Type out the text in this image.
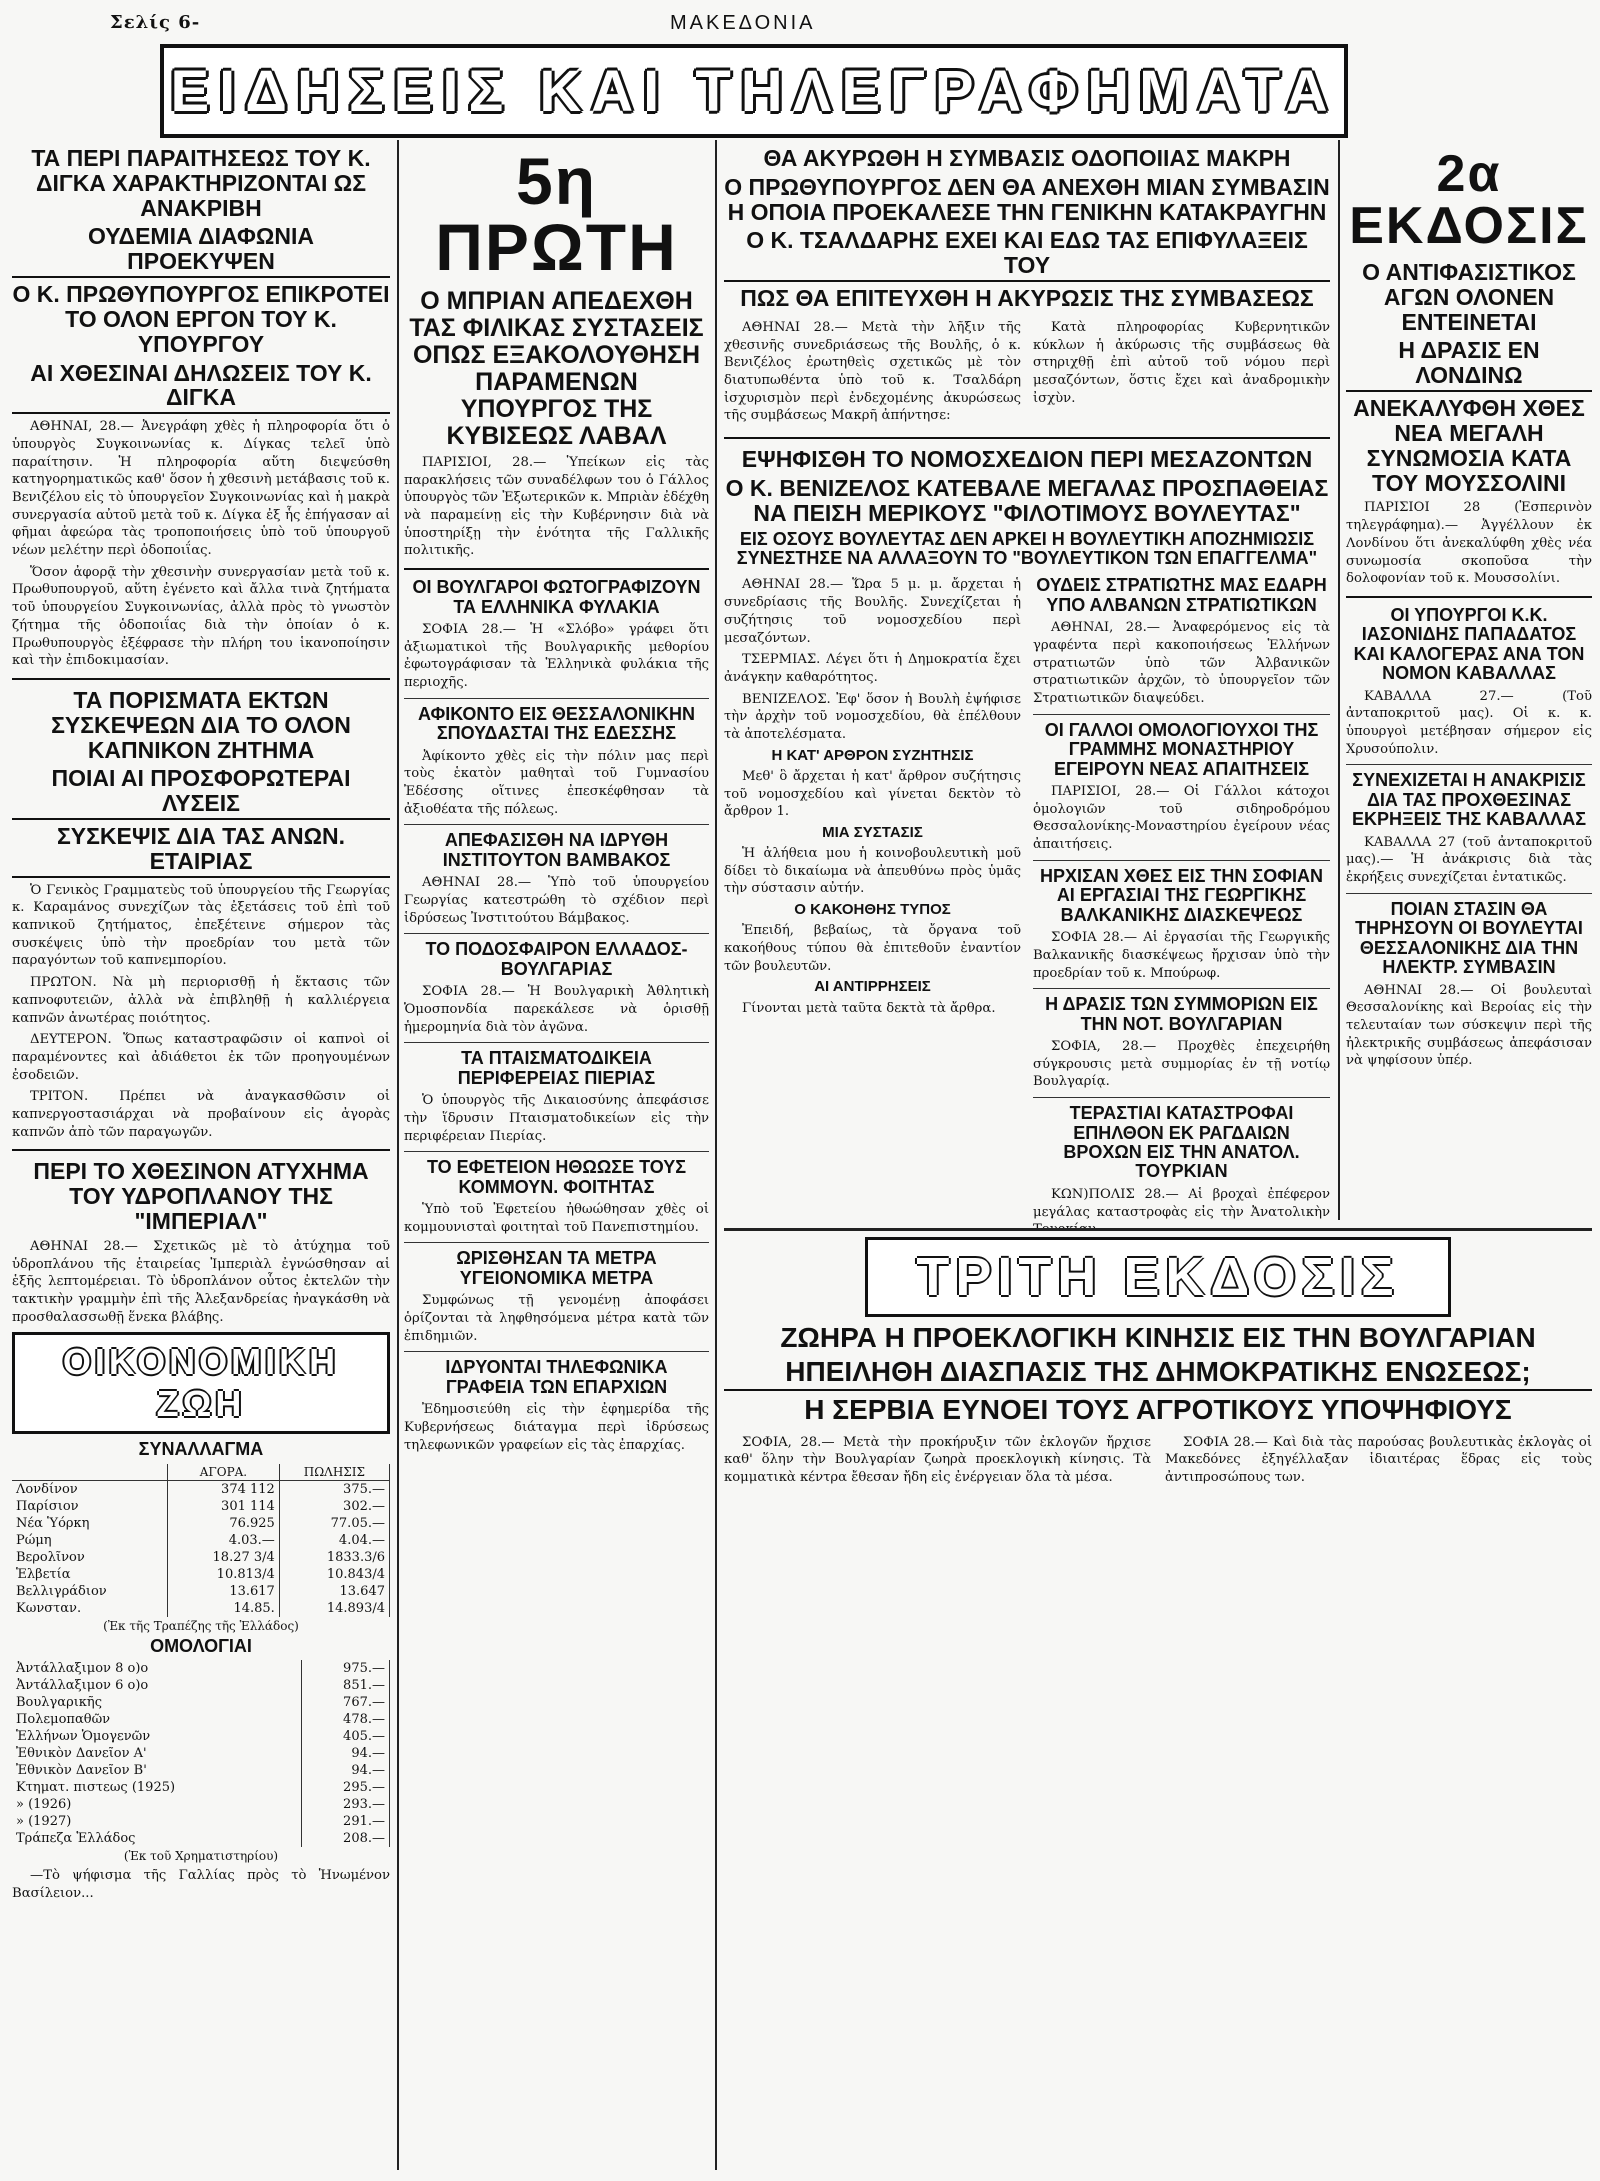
Σελίς 6-	ΜΑΚΕΔΟΝΙΑ
ΕΙΔΗΣΕΙΣ ΚΑΙ ΤΗΛΕΓΡΑΦΗΜΑΤΑ
ΤΑ ΠΕΡΙ ΠΑΡΑΙΤΗΣΕΩΣ ΤΟΥ Κ. ΔΙΓΚΑ ΧΑΡΑΚΤΗΡΙΖΟΝΤΑΙ ΩΣ ΑΝΑΚΡΙΒΗ
ΟΥΔΕΜΙΑ ΔΙΑΦΩΝΙΑ ΠΡΟΕΚΥΨΕΝ
Ο Κ. ΠΡΩΘΥΠΟΥΡΓΟΣ ΕΠΙΚΡΟΤΕΙ ΤΟ ΟΛΟΝ ΕΡΓΟΝ ΤΟΥ Κ. ΥΠΟΥΡΓΟΥ
ΑΙ ΧΘΕΣΙΝΑΙ ΔΗΛΩΣΕΙΣ ΤΟΥ Κ. ΔΙΓΚΑ

ΑΘΗΝΑΙ, 28.— Ἀνεγράφη χθὲς ἡ πληροφορία ὅτι ὁ ὑπουργὸς Συγκοινωνίας κ. Δίγκας τελεῖ ὑπὸ παραίτησιν. Ἡ πληροφορία αὕτη διεψεύσθη κατηγορηματικῶς καθ' ὅσον ἡ χθεσινὴ μετάβασις τοῦ κ. Βενιζέλου εἰς τὸ ὑπουργεῖον Συγκοινωνίας καὶ ἡ μακρὰ συνεργασία αὐτοῦ μετὰ τοῦ κ. Δίγκα ἐξ ἧς ἐπήγασαν αἱ φῆμαι ἀφεώρα τὰς τροποποιήσεις ὑπὸ τοῦ ὑπουργοῦ νέων μελέτην περὶ ὁδοποιΐας.

Ὅσον ἀφορᾷ τὴν χθεσινὴν συνεργασίαν μετὰ τοῦ κ. Πρωθυπουργοῦ, αὕτη ἐγένετο καὶ ἄλλα τινὰ ζητήματα τοῦ ὑπουργείου Συγκοινωνίας, ἀλλὰ πρὸς τὸ γνωστὸν ζήτημα τῆς ὁδοποιΐας διὰ τὴν ὁποίαν ὁ κ. Πρωθυπουργὸς ἐξέφρασε τὴν πλήρη του ἱκανοποίησιν καὶ τὴν ἐπιδοκιμασίαν.

ΤΑ ΠΟΡΙΣΜΑΤΑ ΕΚΤΩΝ ΣΥΣΚΕΨΕΩΝ ΔΙΑ ΤΟ ΟΛΟΝ ΚΑΠΝΙΚΟΝ ΖΗΤΗΜΑ
ΠΟΙΑΙ ΑΙ ΠΡΟΣΦΟΡΩΤΕΡΑΙ ΛΥΣΕΙΣ
ΣΥΣΚΕΨΙΣ ΔΙΑ ΤΑΣ ΑΝΩΝ. ΕΤΑΙΡΙΑΣ

Ὁ Γενικὸς Γραμματεὺς τοῦ ὑπουργείου τῆς Γεωργίας κ. Καραμάνος συνεχίζων τὰς ἐξετάσεις τοῦ ἐπὶ τοῦ καπνικοῦ ζητήματος, ἐπεξέτεινε σήμερον τὰς συσκέψεις ὑπὸ τὴν προεδρίαν του μετὰ τῶν παραγόντων τοῦ καπνεμπορίου.

ΠΡΩΤΟΝ. Νὰ μὴ περιορισθῇ ἡ ἔκτασις τῶν καπνοφυτειῶν, ἀλλὰ νὰ ἐπιβληθῇ ἡ καλλιέργεια καπνῶν ἀνωτέρας ποιότητος.

ΔΕΥΤΕΡΟΝ. Ὅπως καταστραφῶσιν οἱ καπνοὶ οἱ παραμένοντες καὶ ἀδιάθετοι ἐκ τῶν προηγουμένων ἐσοδειῶν.

ΤΡΙΤΟΝ. Πρέπει νὰ ἀναγκασθῶσιν οἱ καπνεργοστασιάρχαι νὰ προβαίνουν εἰς ἀγορὰς καπνῶν ἀπὸ τῶν παραγωγῶν.

ΠΕΡΙ ΤΟ ΧΘΕΣΙΝΟΝ ΑΤΥΧΗΜΑ ΤΟΥ ΥΔΡΟΠΛΑΝΟΥ ΤΗΣ "ΙΜΠΕΡΙΑΛ"

ΑΘΗΝΑΙ 28.— Σχετικῶς μὲ τὸ ἀτύχημα τοῦ ὑδροπλάνου τῆς ἑταιρείας Ἰμπεριὰλ ἐγνώσθησαν αἱ ἑξῆς λεπτομέρειαι. Τὸ ὑδροπλάνον οὗτος ἐκτελῶν τὴν τακτικὴν γραμμὴν ἐπὶ τῆς Ἀλεξανδρείας ἠναγκάσθη νὰ προσθαλασσωθῇ ἕνεκα βλάβης.

ΟΙΚΟΝΟΜΙΚΗ ΖΩΗ
ΣΥΝΑΛΛΑΓΜΑ
	ΑΓΟΡΑ.	ΠΩΛΗΣΙΣ
Λονδίνον	374 112	375.—
Παρίσιον	301 114	302.—
Νέα Ὑόρκη	76.925	77.05.—
Ρώμη	4.03.—	4.04.—
Βερολῖνον	18.27 3/4	1833.3/6
Ἑλβετία	10.813/4	10.843/4
Βελλιγράδιον	13.617	13.647
Κωνσταν.	14.85.	14.893/4
(Ἐκ τῆς Τραπέζης τῆς Ἑλλάδος)
ΟΜΟΛΟΓΙΑΙ
Ἀντάλλαξιμον 8 ο)ο	975.—
Ἀντάλλαξιμον 6 ο)ο	851.—
Βουλγαρικῆς	767.—
Πολεμοπαθῶν	478.—
Ἑλλήνων Ὁμογενῶν	405.—
Ἐθνικὸν Δανεῖον Α'	94.—
Ἐθνικὸν Δανεῖον Β'	94.—
Κτηματ. πιστεως (1925)	295.—
» (1926)	293.—
» (1927)	291.—
Τράπεζα Ἑλλάδος	208.—
(Ἐκ τοῦ Χρηματιστηρίου)

—Τὸ ψήφισμα τῆς Γαλλίας πρὸς τὸ Ἡνωμένον Βασίλειον...

5η ΠΡΩΤΗ
Ο ΜΠΡΙΑΝ ΑΠΕΔΕΧΘΗ ΤΑΣ ΦΙΛΙΚΑΣ ΣΥΣΤΑΣΕΙΣ ΟΠΩΣ ΕΞΑΚΟΛΟΥΘΗΣΗ ΠΑΡΑΜΕΝΩΝ ΥΠΟΥΡΓΟΣ ΤΗΣ ΚΥΒΙΣΕΩΣ ΛΑΒΑΛ

ΠΑΡΙΣΙΟΙ, 28.— Ὑπείκων εἰς τὰς παρακλήσεις τῶν συναδέλφων του ὁ Γάλλος ὑπουργὸς τῶν Ἐξωτερικῶν κ. Μπριὰν ἐδέχθη νὰ παραμείνῃ εἰς τὴν Κυβέρνησιν διὰ νὰ ὑποστηρίξῃ τὴν ἑνότητα τῆς Γαλλικῆς πολιτικῆς.

ΟΙ ΒΟΥΛΓΑΡΟΙ ΦΩΤΟΓΡΑΦΙΖΟΥΝ ΤΑ ΕΛΛΗΝΙΚΑ ΦΥΛΑΚΙΑ

ΣΟΦΙΑ 28.— Ἡ «Σλόβο» γράφει ὅτι ἀξιωματικοὶ τῆς Βουλγαρικῆς μεθορίου ἐφωτογράφισαν τὰ Ἑλληνικὰ φυλάκια τῆς περιοχῆς.

ΑΦΙΚΟΝΤΟ ΕΙΣ ΘΕΣΣΑΛΟΝΙΚΗΝ ΣΠΟΥΔΑΣΤΑΙ ΤΗΣ ΕΔΕΣΣΗΣ

Ἀφίκοντο χθὲς εἰς τὴν πόλιν μας περὶ τοὺς ἑκατὸν μαθηταὶ τοῦ Γυμνασίου Ἐδέσσης οἵτινες ἐπεσκέφθησαν τὰ ἀξιοθέατα τῆς πόλεως.

ΑΠΕΦΑΣΙΣΘΗ ΝΑ ΙΔΡΥΘΗ ΙΝΣΤΙΤΟΥΤΟΝ ΒΑΜΒΑΚΟΣ

ΑΘΗΝΑΙ 28.— Ὑπὸ τοῦ ὑπουργείου Γεωργίας κατεστρώθη τὸ σχέδιον περὶ ἱδρύσεως Ἰνστιτούτου Βάμβακος.

ΤΟ ΠΟΔΟΣΦΑΙΡΟΝ ΕΛΛΑΔΟΣ-ΒΟΥΛΓΑΡΙΑΣ

ΣΟΦΙΑ 28.— Ἡ Βουλγαρικὴ Ἀθλητικὴ Ὁμοσπονδία παρεκάλεσε νὰ ὁρισθῇ ἡμερομηνία διὰ τὸν ἀγῶνα.

ΤΑ ΠΤΑΙΣΜΑΤΟΔΙΚΕΙΑ ΠΕΡΙΦΕΡΕΙΑΣ ΠΙΕΡΙΑΣ

Ὁ ὑπουργὸς τῆς Δικαιοσύνης ἀπεφάσισε τὴν ἵδρυσιν Πταισματοδικείων εἰς τὴν περιφέρειαν Πιερίας.

ΤΟ ΕΦΕΤΕΙΟΝ ΗΘΩΩΣΕ ΤΟΥΣ ΚΟΜΜΟΥΝ. ΦΟΙΤΗΤΑΣ

Ὑπὸ τοῦ Ἐφετείου ἠθωώθησαν χθὲς οἱ κομμουνισταὶ φοιτηταὶ τοῦ Πανεπιστημίου.

ΩΡΙΣΘΗΣΑΝ ΤΑ ΜΕΤΡΑ ΥΓΕΙΟΝΟΜΙΚΑ ΜΕΤΡΑ

Συμφώνως τῇ γενομένῃ ἀποφάσει ὁρίζονται τὰ ληφθησόμενα μέτρα κατὰ τῶν ἐπιδημιῶν.

ΙΔΡΥΟΝΤΑΙ ΤΗΛΕΦΩΝΙΚΑ ΓΡΑΦΕΙΑ ΤΩΝ ΕΠΑΡΧΙΩΝ

Ἐδημοσιεύθη εἰς τὴν ἐφημερίδα τῆς Κυβερνήσεως διάταγμα περὶ ἱδρύσεως τηλεφωνικῶν γραφείων εἰς τὰς ἐπαρχίας.

ΘΑ ΑΚΥΡΩΘΗ Η ΣΥΜΒΑΣΙΣ ΟΔΟΠΟΙΙΑΣ ΜΑΚΡΗ
Ο ΠΡΩΘΥΠΟΥΡΓΟΣ ΔΕΝ ΘΑ ΑΝΕΧΘΗ ΜΙΑΝ ΣΥΜΒΑΣΙΝ Η ΟΠΟΙΑ ΠΡΟΕΚΑΛΕΣΕ ΤΗΝ ΓΕΝΙΚΗΝ ΚΑΤΑΚΡΑΥΓΗΝ
Ο Κ. ΤΣΑΛΔΑΡΗΣ ΕΧΕΙ ΚΑΙ ΕΔΩ ΤΑΣ ΕΠΙΦΥΛΑΞΕΙΣ ΤΟΥ
ΠΩΣ ΘΑ ΕΠΙΤΕΥΧΘΗ Η ΑΚΥΡΩΣΙΣ ΤΗΣ ΣΥΜΒΑΣΕΩΣ

ΑΘΗΝΑΙ 28.— Μετὰ τὴν λῆξιν τῆς χθεσινῆς συνεδριάσεως τῆς Βουλῆς, ὁ κ. Βενιζέλος ἐρωτηθεὶς σχετικῶς μὲ τὸν διατυπωθέντα ὑπὸ τοῦ κ. Τσαλδάρη ἰσχυρισμὸν περὶ ἐνδεχομένης ἀκυρώσεως τῆς συμβάσεως Μακρῆ ἀπήντησε:

Κατὰ πληροφορίας Κυβερνητικῶν κύκλων ἡ ἀκύρωσις τῆς συμβάσεως θὰ στηριχθῇ ἐπὶ αὐτοῦ τοῦ νόμου περὶ μεσαζόντων, ὅστις ἔχει καὶ ἀναδρομικὴν ἰσχὺν.

ΕΨΗΦΙΣΘΗ ΤΟ ΝΟΜΟΣΧΕΔΙΟΝ ΠΕΡΙ ΜΕΣΑΖΟΝΤΩΝ
Ο Κ. ΒΕΝΙΖΕΛΟΣ ΚΑΤΕΒΑΛΕ ΜΕΓΑΛΑΣ ΠΡΟΣΠΑΘΕΙΑΣ ΝΑ ΠΕΙΣΗ ΜΕΡΙΚΟΥΣ "ΦΙΛΟΤΙΜΟΥΣ ΒΟΥΛΕΥΤΑΣ"
ΕΙΣ ΟΣΟΥΣ ΒΟΥΛΕΥΤΑΣ ΔΕΝ ΑΡΚΕΙ Η ΒΟΥΛΕΥΤΙΚΗ ΑΠΟΖΗΜΙΩΣΙΣ ΣΥΝΕΣΤΗΣΕ ΝΑ ΑΛΛΑΞΟΥΝ ΤΟ "ΒΟΥΛΕΥΤΙΚΟΝ ΤΩΝ ΕΠΑΓΓΕΛΜΑ"

ΑΘΗΝΑΙ 28.— Ὥρα 5 μ. μ. ἄρχεται ἡ συνεδρίασις τῆς Βουλῆς. Συνεχίζεται ἡ συζήτησις τοῦ νομοσχεδίου περὶ μεσαζόντων.

ΤΣΕΡΜΙΑΣ. Λέγει ὅτι ἡ Δημοκρατία ἔχει ἀνάγκην καθαρότητος.

ΒΕΝΙΖΕΛΟΣ. Ἐφ' ὅσον ἡ Βουλὴ ἐψήφισε τὴν ἀρχὴν τοῦ νομοσχεδίου, θὰ ἐπέλθουν τὰ ἀποτελέσματα.

Η ΚΑΤ' ΑΡΘΡΟΝ ΣΥΖΗΤΗΣΙΣ

Μεθ' ὃ ἄρχεται ἡ κατ' ἄρθρον συζήτησις τοῦ νομοσχεδίου καὶ γίνεται δεκτὸν τὸ ἄρθρον 1.

ΜΙΑ ΣΥΣΤΑΣΙΣ

Ἡ ἀλήθεια μου ἡ κοινοβουλευτικὴ μοῦ δίδει τὸ δικαίωμα νὰ ἀπευθύνω πρὸς ὑμᾶς τὴν σύστασιν αὐτήν.

Ο ΚΑΚΟΗΘΗΣ ΤΥΠΟΣ

Ἐπειδή, βεβαίως, τὰ ὄργανα τοῦ κακοήθους τύπου θὰ ἐπιτεθοῦν ἐναντίον τῶν βουλευτῶν.

ΑΙ ΑΝΤΙΡΡΗΣΕΙΣ

Γίνονται μετὰ ταῦτα δεκτὰ τὰ ἄρθρα.

ΟΥΔΕΙΣ ΣΤΡΑΤΙΩΤΗΣ ΜΑΣ ΕΔΑΡΗ ΥΠΟ ΑΛΒΑΝΩΝ ΣΤΡΑΤΙΩΤΙΚΩΝ

ΑΘΗΝΑΙ, 28.— Ἀναφερόμενος εἰς τὰ γραφέντα περὶ κακοποιήσεως Ἑλλήνων στρατιωτῶν ὑπὸ τῶν Ἀλβανικῶν στρατιωτικῶν ἀρχῶν, τὸ ὑπουργεῖον τῶν Στρατιωτικῶν διαψεύδει.

ΟΙ ΓΑΛΛΟΙ ΟΜΟΛΟΓΙΟΥΧΟΙ ΤΗΣ ΓΡΑΜΜΗΣ ΜΟΝΑΣΤΗΡΙΟΥ ΕΓΕΙΡΟΥΝ ΝΕΑΣ ΑΠΑΙΤΗΣΕΙΣ

ΠΑΡΙΣΙΟΙ, 28.— Οἱ Γάλλοι κάτοχοι ὁμολογιῶν τοῦ σιδηροδρόμου Θεσσαλονίκης-Μοναστηρίου ἐγείρουν νέας ἀπαιτήσεις.

ΗΡΧΙΣΑΝ ΧΘΕΣ ΕΙΣ ΤΗΝ ΣΟΦΙΑΝ ΑΙ ΕΡΓΑΣΙΑΙ ΤΗΣ ΓΕΩΡΓΙΚΗΣ ΒΑΛΚΑΝΙΚΗΣ ΔΙΑΣΚΕΨΕΩΣ

ΣΟΦΙΑ 28.— Αἱ ἐργασίαι τῆς Γεωργικῆς Βαλκανικῆς διασκέψεως ἤρχισαν ὑπὸ τὴν προεδρίαν τοῦ κ. Μπούρωφ.

Η ΔΡΑΣΙΣ ΤΩΝ ΣΥΜΜΟΡΙΩΝ ΕΙΣ ΤΗΝ ΝΟΤ. ΒΟΥΛΓΑΡΙΑΝ

ΣΟΦΙΑ, 28.— Προχθὲς ἐπεχειρήθη σύγκρουσις μετὰ συμμορίας ἐν τῇ νοτίῳ Βουλγαρίᾳ.

ΤΕΡΑΣΤΙΑΙ ΚΑΤΑΣΤΡΟΦΑΙ ΕΠΗΛΘΟΝ ΕΚ ΡΑΓΔΑΙΩΝ ΒΡΟΧΩΝ ΕΙΣ ΤΗΝ ΑΝΑΤΟΛ. ΤΟΥΡΚΙΑΝ

ΚΩΝ)ΠΟΛΙΣ 28.— Αἱ βροχαὶ ἐπέφερον μεγάλας καταστροφὰς εἰς τὴν Ἀνατολικὴν

2α ΕΚΔΟΣΙΣ
Ο ΑΝΤΙΦΑΣΙΣΤΙΚΟΣ ΑΓΩΝ ΟΛΟΝΕΝ ΕΝΤΕΙΝΕΤΑΙ
Η ΔΡΑΣΙΣ ΕΝ ΛΟΝΔΙΝΩ
ΑΝΕΚΑΛΥΦΘΗ ΧΘΕΣ ΝΕΑ ΜΕΓΑΛΗ ΣΥΝΩΜΟΣΙΑ ΚΑΤΑ ΤΟΥ ΜΟΥΣΣΟΛΙΝΙ

ΠΑΡΙΣΙΟΙ 28 (Ἐσπερινὸν τηλεγράφημα).— Ἀγγέλλουν ἐκ Λονδίνου ὅτι ἀνεκαλύφθη χθὲς νέα συνωμοσία σκοποῦσα τὴν δολοφονίαν τοῦ κ. Μουσσολίνι.

ΟΙ ΥΠΟΥΡΓΟΙ Κ.Κ. ΙΑΣΟΝΙΔΗΣ ΠΑΠΑΔΑΤΟΣ ΚΑΙ ΚΑΛΟΓΕΡΑΣ ΑΝΑ ΤΟΝ ΝΟΜΟΝ ΚΑΒΑΛΛΑΣ

ΚΑΒΑΛΛΑ 27.— (Τοῦ ἀνταποκριτοῦ μας). Οἱ κ. κ. ὑπουργοὶ μετέβησαν σήμερον εἰς Χρυσούπολιν.

ΣΥΝΕΧΙΖΕΤΑΙ Η ΑΝΑΚΡΙΣΙΣ ΔΙΑ ΤΑΣ ΠΡΟΧΘΕΣΙΝΑΣ ΕΚΡΗΞΕΙΣ ΤΗΣ ΚΑΒΑΛΛΑΣ

ΚΑΒΑΛΛΑ 27 (τοῦ ἀνταποκριτοῦ μας).— Ἡ ἀνάκρισις διὰ τὰς ἐκρήξεις συνεχίζεται ἐντατικῶς.

ΠΟΙΑΝ ΣΤΑΣΙΝ ΘΑ ΤΗΡΗΣΟΥΝ ΟΙ ΒΟΥΛΕΥΤΑΙ ΘΕΣΣΑΛΟΝΙΚΗΣ ΔΙΑ ΤΗΝ ΗΛΕΚΤΡ. ΣΥΜΒΑΣΙΝ

ΑΘΗΝΑΙ 28.— Οἱ βουλευταὶ Θεσσαλονίκης καὶ Βεροίας εἰς τὴν τελευταίαν των σύσκεψιν περὶ τῆς ἠλεκτρικῆς συμβάσεως ἀπεφάσισαν νὰ ψηφίσουν ὑπέρ.

ΤΡΙΤΗ ΕΚΔΟΣΙΣ
ΖΩΗΡΑ Η ΠΡΟΕΚΛΟΓΙΚΗ ΚΙΝΗΣΙΣ ΕΙΣ ΤΗΝ ΒΟΥΛΓΑΡΙΑΝ
ΗΠΕΙΛΗΘΗ ΔΙΑΣΠΑΣΙΣ ΤΗΣ ΔΗΜΟΚΡΑΤΙΚΗΣ ΕΝΩΣΕΩΣ;
Η ΣΕΡΒΙΑ ΕΥΝΟΕΙ ΤΟΥΣ ΑΓΡΟΤΙΚΟΥΣ ΥΠΟΨΗΦΙΟΥΣ

ΣΟΦΙΑ, 28.— Μετὰ τὴν προκήρυξιν τῶν ἐκλογῶν ἤρχισε καθ' ὅλην τὴν Βουλγαρίαν ζωηρὰ προεκλογικὴ κίνησις. Τὰ κομματικὰ κέντρα ἔθεσαν ἤδη εἰς ἐνέργειαν ὅλα τὰ μέσα.

ΣΟΦΙΑ 28.— Καὶ διὰ τὰς παρούσας βουλευτικὰς ἐκλογὰς οἱ Μακεδόνες ἐξηγέλλαξαν ἰδιαιτέρας ἕδρας εἰς τοὺς ἀντιπροσώπους των.
